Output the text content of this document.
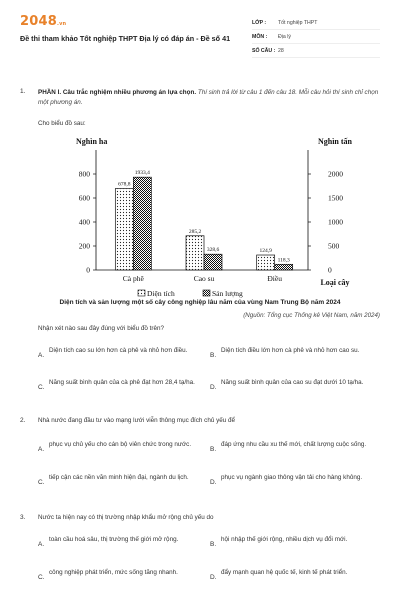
2048.vn
Đề thi tham khảo Tốt nghiệp THPT Địa lý có đáp án - Đề số 41
LỚP :	Tốt nghiệp THPT
MÔN :	Địa lý
SỐ CÂU : 28
1. PHẦN I. Câu trắc nghiệm nhiều phương án lựa chọn. Thí sinh trả lời từ câu 1 đến câu 18. Mỗi câu hỏi thí sinh chỉ chọn một phương án.
Cho biểu đồ sau:
Nghìn ha	Nghìn tấn
0
200
400
600
800
0
500
1000
1500
2000
678,8
1933,4
Cà phê
285,2
328,6
Cao su
124,9
118,3
Điều	Loại cây
Diện tích	Sản lượng
Diện tích và sản lượng một số cây công nghiệp lâu năm của vùng Nam Trung Bộ năm 2024
(Nguồn: Tổng cục Thống kê Việt Nam, năm 2024)
Nhận xét nào sau đây đúng với biểu đồ trên?
A.
Diện tích cao su lớn hơn cà phê và nhỏ hơn điều.
B.
Diện tích điều lớn hơn cà phê và nhỏ hơn cao su.
C.
Năng suất bình quân của cà phê đạt hơn 28,4 tạ/ha.
D.
Năng suất bình quân của cao su đạt dưới 10 tạ/ha.
2. Nhà nước đang đầu tư vào mạng lưới viễn thông mục đích chủ yếu để
A.
phục vụ chủ yếu cho cán bộ viên chức trong nước.
B.
đáp ứng nhu cầu xu thế mới, chất lượng cuộc sống.
C.
tiếp cận các nền văn minh hiện đại, ngành du lịch.
D.
phục vụ ngành giao thông vận tải cho hàng không.
3. Nước ta hiện nay có thị trường nhập khẩu mở rộng chủ yếu do
A.
toàn cầu hoá sâu, thị trường thế giới mở rộng.
B.
hội nhập thế giới rộng, nhiều dịch vụ đổi mới.
C.
công nghiệp phát triển, mức sống tăng nhanh.
D.
đẩy mạnh quan hệ quốc tế, kinh tế phát triển.
